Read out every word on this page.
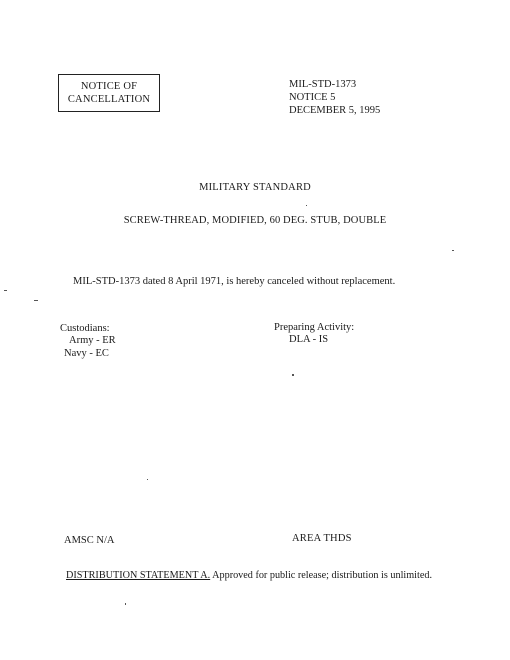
NOTICE OF
CANCELLATION
MIL-STD-1373
NOTICE 5
DECEMBER 5, 1995
MILITARY STANDARD
SCREW-THREAD, MODIFIED, 60 DEG. STUB, DOUBLE
MIL-STD-1373 dated 8 April 1971, is hereby canceled without replacement.
Custodians:
Army - ER
Navy - EC
Preparing Activity:
DLA - IS
AMSC N/A	AREA THDS
DISTRIBUTION STATEMENT A. Approved for public release; distribution is unlimited.
